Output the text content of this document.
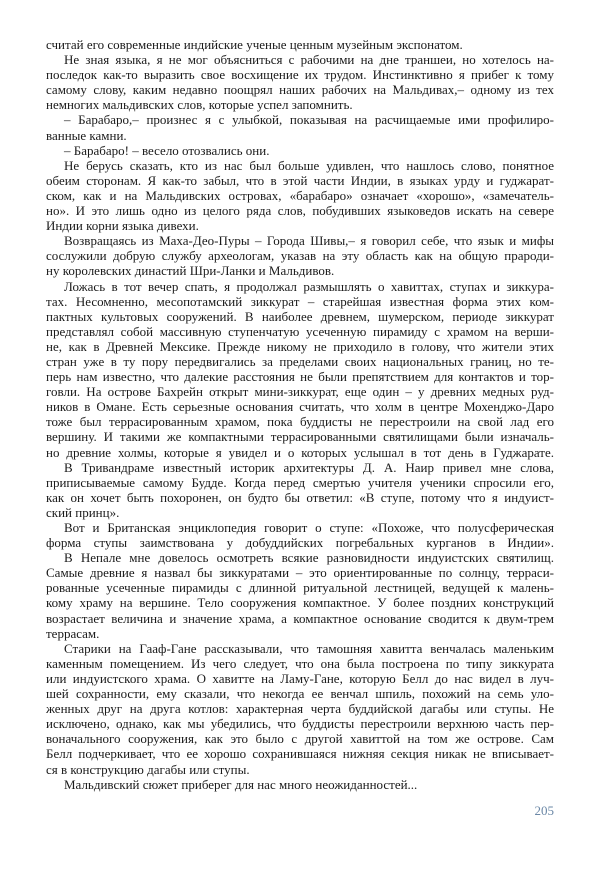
считай его современные индийские ученые ценным музейным экспонатом.
Не зная языка, я не мог объясниться с рабочими на дне траншеи, но хотелось на-
последок как-то выразить свое восхищение их трудом. Инстинктивно я прибег к тому
самому слову, каким недавно поощрял наших рабочих на Мальдивах,– одному из тех
немногих мальдивских слов, которые успел запомнить.
– Барабаро,– произнес я с улыбкой, показывая на расчищаемые ими профилиро-
ванные камни.
– Барабаро! – весело отозвались они.
Не берусь сказать, кто из нас был больше удивлен, что нашлось слово, понятное
обеим сторонам. Я как-то забыл, что в этой части Индии, в языках урду и гуджарат-
ском, как и на Мальдивских островах, «барабаро» означает «хорошо», «замечатель-
но». И это лишь одно из целого ряда слов, побудивших языковедов искать на севере
Индии корни языка дивехи.
Возвращаясь из Маха-Део-Пуры – Города Шивы,– я говорил себе, что язык и мифы
сослужили добрую службу археологам, указав на эту область как на общую прароди-
ну королевских династий Шри-Ланки и Мальдивов.
Ложась в тот вечер спать, я продолжал размышлять о хавиттах, ступах и зиккура-
тах. Несомненно, месопотамский зиккурат – старейшая известная форма этих ком-
пактных культовых сооружений. В наиболее древнем, шумерском, периоде зиккурат
представлял собой массивную ступенчатую усеченную пирамиду с храмом на верши-
не, как в Древней Мексике. Прежде никому не приходило в голову, что жители этих
стран уже в ту пору передвигались за пределами своих национальных границ, но те-
перь нам известно, что далекие расстояния не были препятствием для контактов и тор-
говли. На острове Бахрейн открыт мини-зиккурат, еще один – у древних медных руд-
ников в Омане. Есть серьезные основания считать, что холм в центре Мохенджо-Даро
тоже был террасированным храмом, пока буддисты не перестроили на свой лад его
вершину. И такими же компактными террасированными святилищами были изначаль-
но древние холмы, которые я увидел и о которых услышал в тот день в Гуджарате.
В Тривандраме известный историк архитектуры Д. А. Наир привел мне слова,
приписываемые самому Будде. Когда перед смертью учителя ученики спросили его,
как он хочет быть похоронен, он будто бы ответил: «В ступе, потому что я индуист-
ский принц».
Вот и Британская энциклопедия говорит о ступе: «Похоже, что полусферическая
форма ступы заимствована у добуддийских погребальных курганов в Индии».
В Непале мне довелось осмотреть всякие разновидности индуистских святилищ.
Самые древние я назвал бы зиккуратами – это ориентированные по солнцу, терраси-
рованные усеченные пирамиды с длинной ритуальной лестницей, ведущей к малень-
кому храму на вершине. Тело сооружения компактное. У более поздних конструкций
возрастает величина и значение храма, а компактное основание сводится к двум-трем
террасам.
Старики на Гааф-Гане рассказывали, что тамошняя хавитта венчалась маленьким
каменным помещением. Из чего следует, что она была построена по типу зиккурата
или индуистского храма. О хавитте на Ламу-Гане, которую Белл до нас видел в луч-
шей сохранности, ему сказали, что некогда ее венчал шпиль, похожий на семь уло-
женных друг на друга котлов: характерная черта буддийской дагабы или ступы. Не
исключено, однако, как мы убедились, что буддисты перестроили верхнюю часть пер-
воначального сооружения, как это было с другой хавиттой на том же острове. Сам
Белл подчеркивает, что ее хорошо сохранившаяся нижняя секция никак не вписывает-
ся в конструкцию дагабы или ступы.
Мальдивский сюжет приберег для нас много неожиданностей...
205
